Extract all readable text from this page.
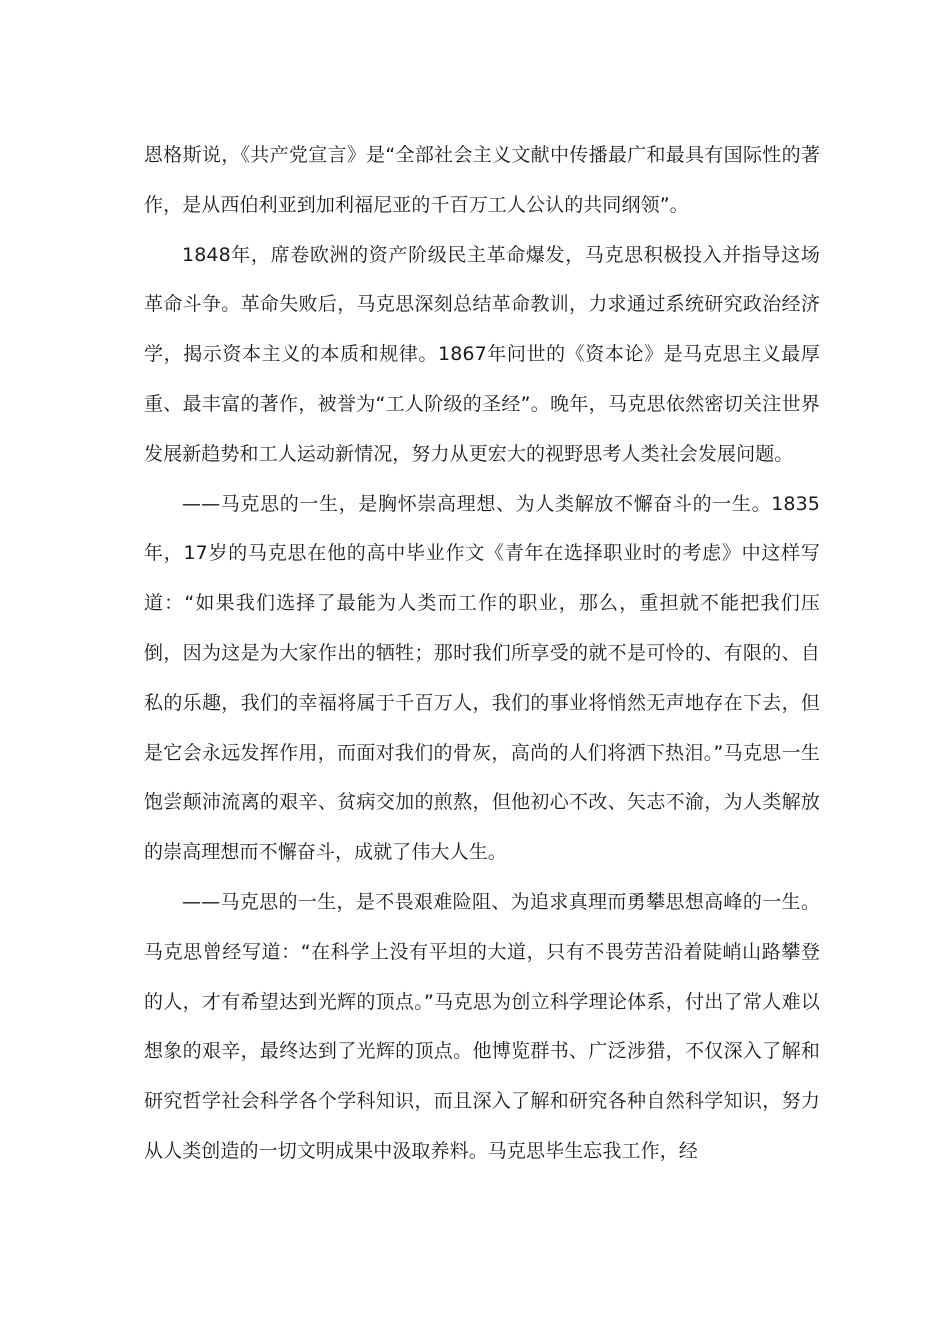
恩格斯说，《共产党宣言》是“全部社会主义文献中传播最广和最具有国际性的著作，是从西伯利亚到加利福尼亚的千百万工人公认的共同纲领”。

1848年，席卷欧洲的资产阶级民主革命爆发，马克思积极投入并指导这场革命斗争。革命失败后，马克思深刻总结革命教训，力求通过系统研究政治经济学，揭示资本主义的本质和规律。1867年问世的《资本论》是马克思主义最厚重、最丰富的著作，被誉为“工人阶级的圣经”。晚年，马克思依然密切关注世界发展新趋势和工人运动新情况，努力从更宏大的视野思考人类社会发展问题。

——马克思的一生，是胸怀崇高理想、为人类解放不懈奋斗的一生。1835年，17岁的马克思在他的高中毕业作文《青年在选择职业时的考虑》中这样写道：“如果我们选择了最能为人类而工作的职业，那么，重担就不能把我们压倒，因为这是为大家作出的牺牲；那时我们所享受的就不是可怜的、有限的、自私的乐趣，我们的幸福将属于千百万人，我们的事业将悄然无声地存在下去，但是它会永远发挥作用，而面对我们的骨灰，高尚的人们将洒下热泪。”马克思一生饱尝颠沛流离的艰辛、贫病交加的煎熬，但他初心不改、矢志不渝，为人类解放的崇高理想而不懈奋斗，成就了伟大人生。

——马克思的一生，是不畏艰难险阻、为追求真理而勇攀思想高峰的一生。马克思曾经写道：“在科学上没有平坦的大道，只有不畏劳苦沿着陡峭山路攀登的人，才有希望达到光辉的顶点。”马克思为创立科学理论体系，付出了常人难以想象的艰辛，最终达到了光辉的顶点。他博览群书、广泛涉猎，不仅深入了解和研究哲学社会科学各个学科知识，而且深入了解和研究各种自然科学知识，努力从人类创造的一切文明成果中汲取养料。马克思毕生忘我工作，经
